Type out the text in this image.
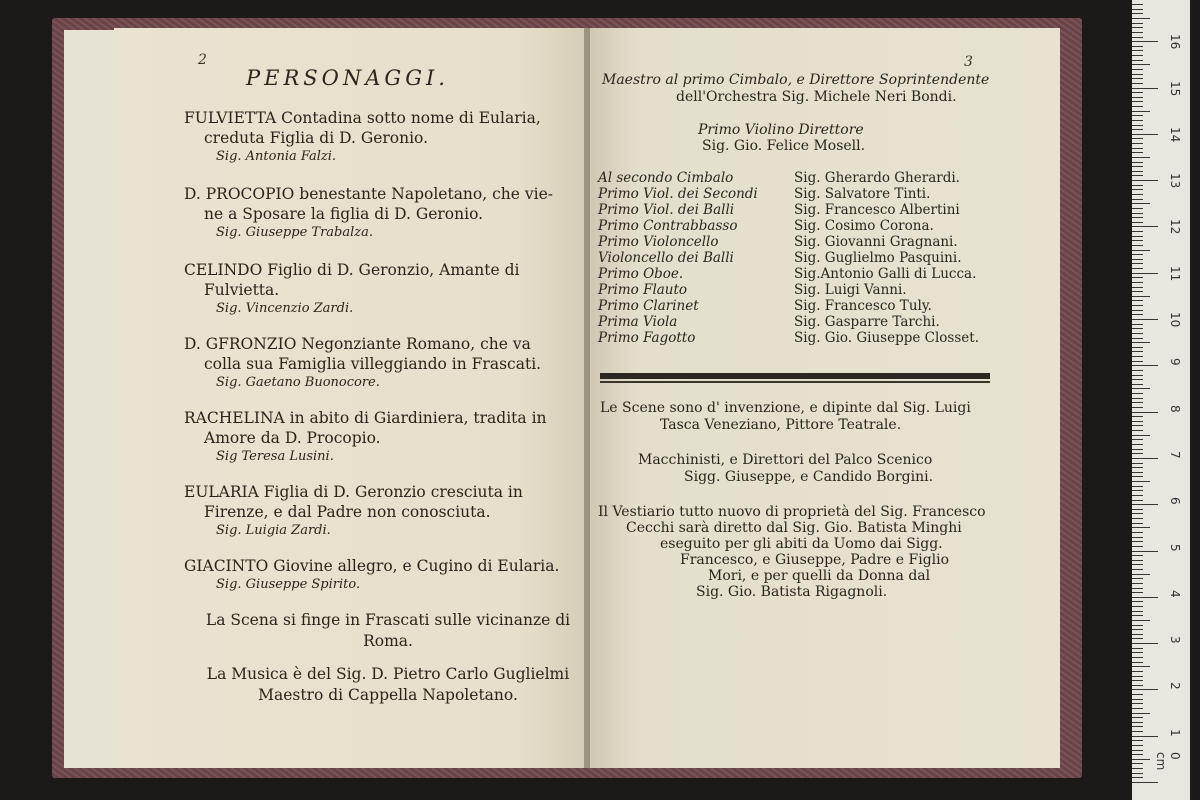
2
PERSONAGGI.
FULVIETTA Contadina sotto nome di Eularia,
creduta Figlia di D. Geronio.
Sig. Antonia Falzi.
D. PROCOPIO benestante Napoletano, che vie-
ne a Sposare la figlia di D. Geronio.
Sig. Giuseppe Trabalza.
CELINDO Figlio di D. Geronzio, Amante di
Fulvietta.
Sig. Vincenzio Zardi.
D. GFRONZIO Negonziante Romano, che va
colla sua Famiglia villeggiando in Frascati.
Sig. Gaetano Buonocore.
RACHELINA in abito di Giardiniera, tradita in
Amore da D. Procopio.
Sig Teresa Lusini.
EULARIA Figlia di D. Geronzio cresciuta in
Firenze, e dal Padre non conosciuta.
Sig. Luigia Zardi.
GIACINTO Giovine allegro, e Cugino di Eularia.
Sig. Giuseppe Spirito.
La Scena si finge in Frascati sulle vicinanze di
Roma.
La Musica è del Sig. D. Pietro Carlo Guglielmi
Maestro di Cappella Napoletano.
3
Maestro al primo Cimbalo, e Direttore Soprintendente
dell'Orchestra Sig. Michele Neri Bondi.
Primo Violino Direttore
Sig. Gio. Felice Mosell.
Al secondo Cimbalo	Sig. Gherardo Gherardi.
Primo Viol. dei Secondi	Sig. Salvatore Tinti.
Primo Viol. dei Balli	Sig. Francesco Albertini
Primo Contrabbasso	Sig. Cosimo Corona.
Primo Violoncello	Sig. Giovanni Gragnani.
Violoncello dei Balli	Sig. Guglielmo Pasquini.
Primo Oboe.	Sig.Antonio Galli di Lucca.
Primo Flauto	Sig. Luigi Vanni.
Primo Clarinet	Sig. Francesco Tuly.
Prima Viola	Sig. Gasparre Tarchi.
Primo Fagotto	Sig. Gio. Giuseppe Closset.
Le Scene sono d' invenzione, e dipinte dal Sig. Luigi
Tasca Veneziano, Pittore Teatrale.
Macchinisti, e Direttori del Palco Scenico
Sigg. Giuseppe, e Candido Borgini.
Il Vestiario tutto nuovo di proprietà del Sig. Francesco
Cecchi sarà diretto dal Sig. Gio. Batista Minghi
eseguito per gli abiti da Uomo dai Sigg.
Francesco, e Giuseppe, Padre e Figlio
Mori, e per quelli da Donna dal
Sig. Gio. Batista Rigagnoli.
0 cm
1
2
3
4
5
6
7
8
9
10
11
12
13
14
15
16
